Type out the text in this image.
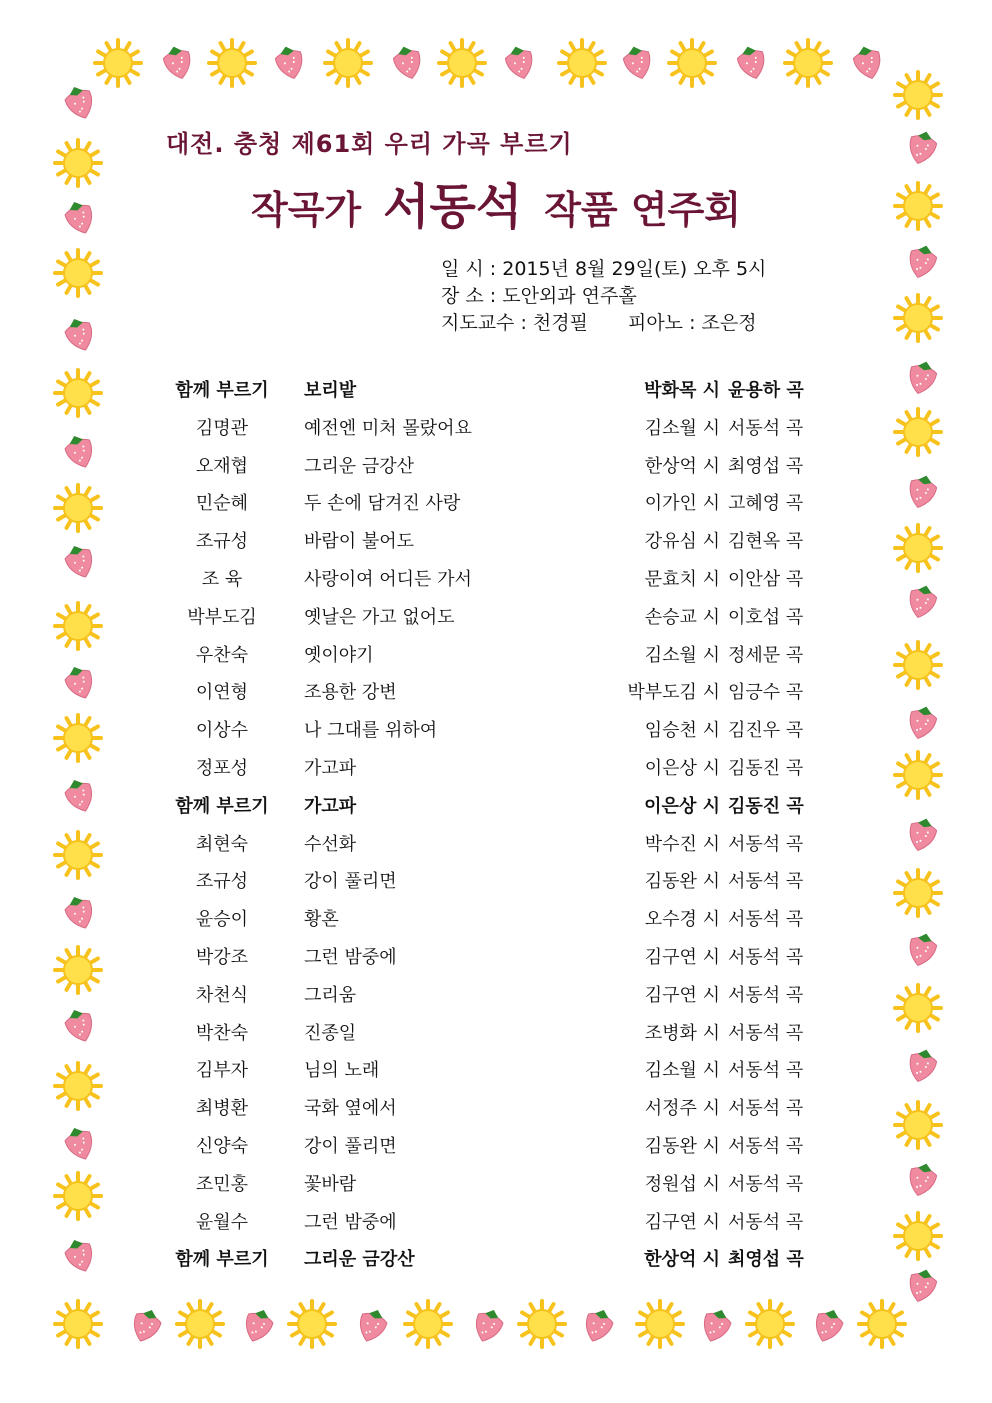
대전. 충청 제61회 우리 가곡 부르기
작곡가 서동석 작품 연주회
일 시 : 2015년 8월 29일(토) 오후 5시
장 소 : 도안외과 연주홀
지도교수 : 천경필 피아노 : 조은정
함께 부르기	보리밭	박화목 시 윤용하 곡
김명관	예전엔 미처 몰랐어요	김소월 시 서동석 곡
오재협	그리운 금강산	한상억 시 최영섭 곡
민순혜	두 손에 담겨진 사랑	이가인 시 고혜영 곡
조규성	바람이 불어도	강유심 시 김현옥 곡
조 육	사랑이여 어디든 가서	문효치 시 이안삼 곡
박부도김	옛날은 가고 없어도	손승교 시 이호섭 곡
우찬숙	옛이야기	김소월 시 정세문 곡
이연형	조용한 강변	박부도김 시 임긍수 곡
이상수	나 그대를 위하여	임승천 시 김진우 곡
정포성	가고파	이은상 시 김동진 곡
함께 부르기	가고파	이은상 시 김동진 곡
최현숙	수선화	박수진 시 서동석 곡
조규성	강이 풀리면	김동완 시 서동석 곡
윤승이	황혼	오수경 시 서동석 곡
박강조	그런 밤중에	김구연 시 서동석 곡
차천식	그리움	김구연 시 서동석 곡
박찬숙	진종일	조병화 시 서동석 곡
김부자	님의 노래	김소월 시 서동석 곡
최병환	국화 옆에서	서정주 시 서동석 곡
신양숙	강이 풀리면	김동완 시 서동석 곡
조민홍	꽃바람	정원섭 시 서동석 곡
윤월수	그런 밤중에	김구연 시 서동석 곡
함께 부르기	그리운 금강산	한상억 시 최영섭 곡
